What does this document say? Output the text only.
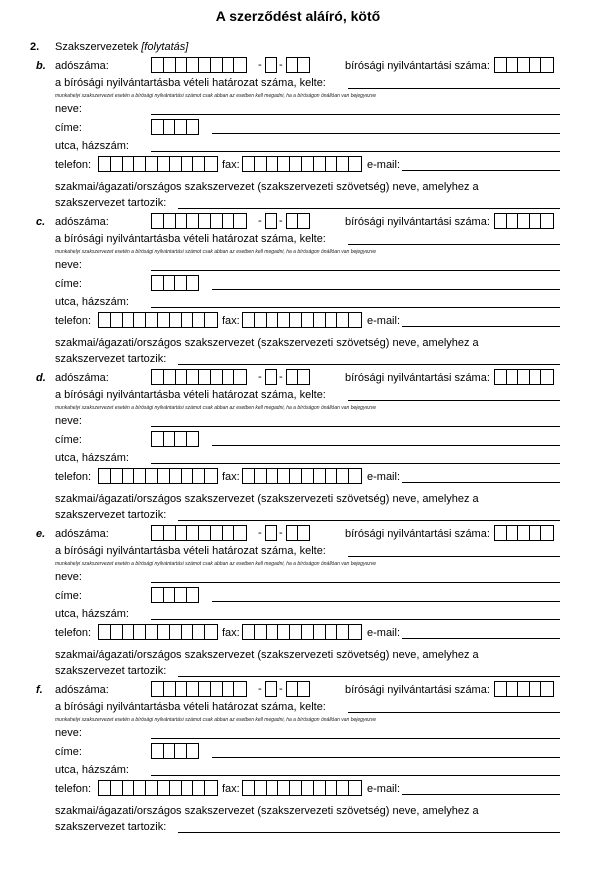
A szerződést aláíró, kötő
2. Szakszervezetek [folytatás]
b. adószáma:	- -	bírósági nyilvántartási száma:
a bírósági nyilvántartásba vételi határozat száma, kelte:
munkahelyi szakszervezet esetén a bírósági nyilvántartási számot csak abban az esetben kell megadni, ha a bíróságon önállóan van bejegyezve
neve:
címe:
utca, házszám:
telefon:	fax:	e-mail:
szakmai/ágazati/országos szakszervezet (szakszervezeti szövetség) neve, amelyhez a
szakszervezet tartozik:
c. adószáma:	- -	bírósági nyilvántartási száma:
a bírósági nyilvántartásba vételi határozat száma, kelte:
munkahelyi szakszervezet esetén a bírósági nyilvántartási számot csak abban az esetben kell megadni, ha a bíróságon önállóan van bejegyezve
neve:
címe:
utca, házszám:
telefon:	fax:	e-mail:
szakmai/ágazati/országos szakszervezet (szakszervezeti szövetség) neve, amelyhez a
szakszervezet tartozik:
d. adószáma:	- -	bírósági nyilvántartási száma:
a bírósági nyilvántartásba vételi határozat száma, kelte:
munkahelyi szakszervezet esetén a bírósági nyilvántartási számot csak abban az esetben kell megadni, ha a bíróságon önállóan van bejegyezve
neve:
címe:
utca, házszám:
telefon:	fax:	e-mail:
szakmai/ágazati/országos szakszervezet (szakszervezeti szövetség) neve, amelyhez a
szakszervezet tartozik:
e. adószáma:	- -	bírósági nyilvántartási száma:
a bírósági nyilvántartásba vételi határozat száma, kelte:
munkahelyi szakszervezet esetén a bírósági nyilvántartási számot csak abban az esetben kell megadni, ha a bíróságon önállóan van bejegyezve
neve:
címe:
utca, házszám:
telefon:	fax:	e-mail:
szakmai/ágazati/országos szakszervezet (szakszervezeti szövetség) neve, amelyhez a
szakszervezet tartozik:
f. adószáma:	- -	bírósági nyilvántartási száma:
a bírósági nyilvántartásba vételi határozat száma, kelte:
munkahelyi szakszervezet esetén a bírósági nyilvántartási számot csak abban az esetben kell megadni, ha a bíróságon önállóan van bejegyezve
neve:
címe:
utca, házszám:
telefon:	fax:	e-mail:
szakmai/ágazati/országos szakszervezet (szakszervezeti szövetség) neve, amelyhez a
szakszervezet tartozik:
